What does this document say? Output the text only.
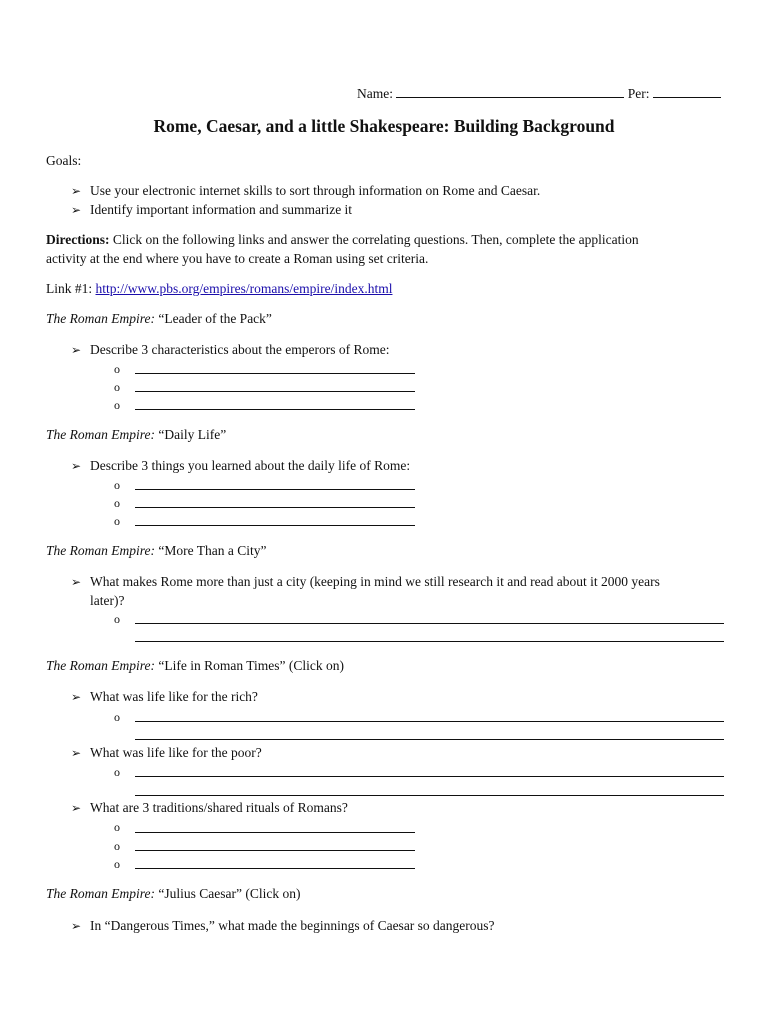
Name:	Per:
Rome, Caesar, and a little Shakespeare: Building Background
Goals:
➢ Use your electronic internet skills to sort through information on Rome and Caesar.
➢ Identify important information and summarize it
Directions: Click on the following links and answer the correlating questions. Then, complete the application
activity at the end where you have to create a Roman using set criteria.
Link #1: http://www.pbs.org/empires/romans/empire/index.html
The Roman Empire: “Leader of the Pack”
➢ Describe 3 characteristics about the emperors of Rome:
o
o
o
The Roman Empire: “Daily Life”
➢ Describe 3 things you learned about the daily life of Rome:
o
o
o
The Roman Empire: “More Than a City”
➢ What makes Rome more than just a city (keeping in mind we still research it and read about it 2000 years
later)?
o
The Roman Empire: “Life in Roman Times” (Click on)
➢ What was life like for the rich?
o
➢ What was life like for the poor?
o
➢ What are 3 traditions/shared rituals of Romans?
o
o
o
The Roman Empire: “Julius Caesar” (Click on)
➢ In “Dangerous Times,” what made the beginnings of Caesar so dangerous?
